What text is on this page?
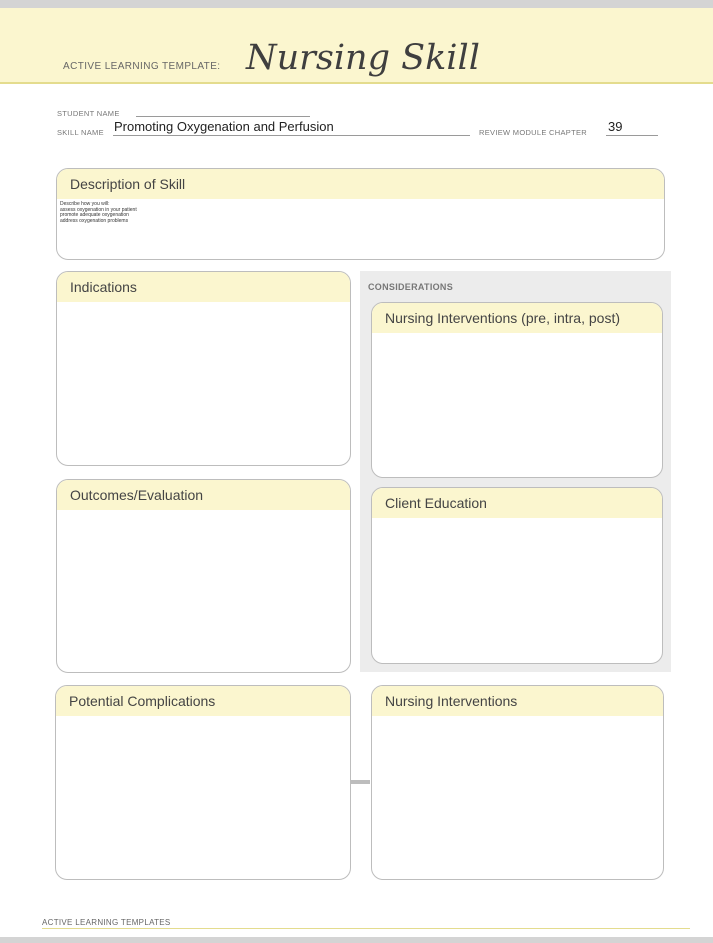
ACTIVE LEARNING TEMPLATE: Nursing Skill
STUDENT NAME
SKILL NAME Promoting Oxygenation and Perfusion	REVIEW MODULE CHAPTER 39
Description of Skill
Describe how you will:
assess oxygenation in your patient
promote adequate oxygenation
address oxygenation problems
Indications
Outcomes/Evaluation
CONSIDERATIONS
Nursing Interventions (pre, intra, post)
Client Education
Potential Complications	Nursing Interventions
ACTIVE LEARNING TEMPLATES
